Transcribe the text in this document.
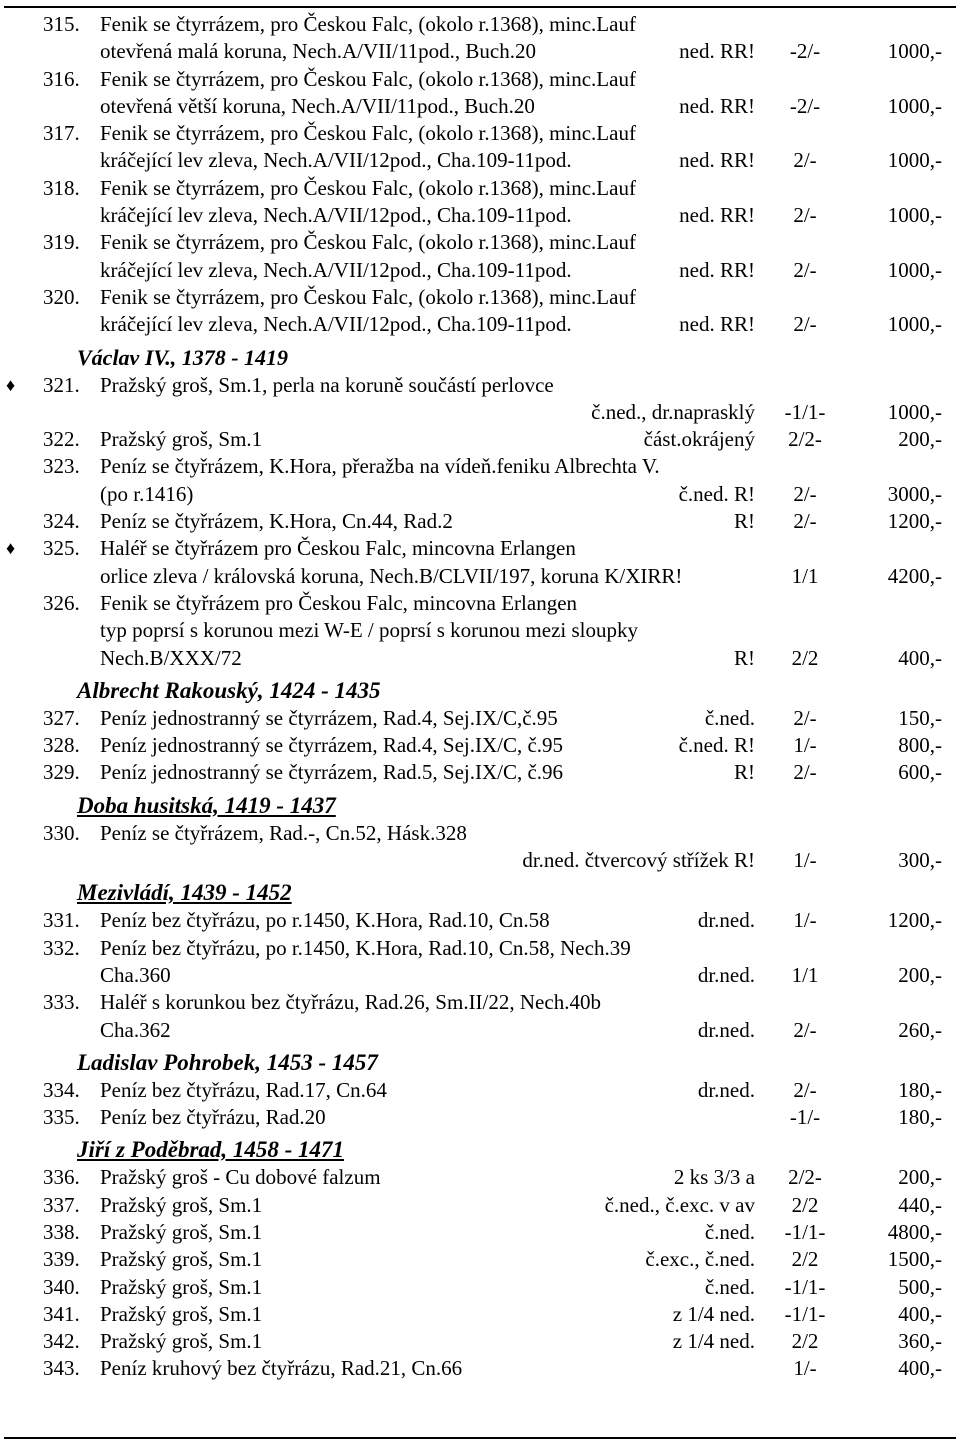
315. Fenik se čtyrrázem, pro Českou Falc, (okolo r.1368), minc.Lauf
otevřená malá koruna, Nech.A/VII/11pod., Buch.20	ned. RR!	-2/-	1000,-
316. Fenik se čtyrrázem, pro Českou Falc, (okolo r.1368), minc.Lauf
otevřená větší koruna, Nech.A/VII/11pod., Buch.20	ned. RR!	-2/-	1000,-
317. Fenik se čtyrrázem, pro Českou Falc, (okolo r.1368), minc.Lauf
kráčející lev zleva, Nech.A/VII/12pod., Cha.109-11pod.	ned. RR!	2/-	1000,-
318. Fenik se čtyrrázem, pro Českou Falc, (okolo r.1368), minc.Lauf
kráčející lev zleva, Nech.A/VII/12pod., Cha.109-11pod.	ned. RR!	2/-	1000,-
319. Fenik se čtyrrázem, pro Českou Falc, (okolo r.1368), minc.Lauf
kráčející lev zleva, Nech.A/VII/12pod., Cha.109-11pod.	ned. RR!	2/-	1000,-
320. Fenik se čtyrrázem, pro Českou Falc, (okolo r.1368), minc.Lauf
kráčející lev zleva, Nech.A/VII/12pod., Cha.109-11pod.	ned. RR!	2/-	1000,-
Václav IV., 1378 - 1419
♦ 321. Pražský groš, Sm.1, perla na koruně součástí perlovce
č.ned., dr.naprasklý	-1/1-	1000,-
322. Pražský groš, Sm.1	část.okrájený	2/2-	200,-
323. Peníz se čtyřrázem, K.Hora, přeražba na vídeň.feniku Albrechta V.
(po r.1416)	č.ned. R!	2/-	3000,-
324. Peníz se čtyřrázem, K.Hora, Cn.44, Rad.2	R!	2/-	1200,-
♦ 325. Haléř se čtyřrázem pro Českou Falc, mincovna Erlangen
orlice zleva / královská koruna, Nech.B/CLVII/197, koruna K/XIRR!	1/1	4200,-
326. Fenik se čtyřrázem pro Českou Falc, mincovna Erlangen
typ poprsí s korunou mezi W-E / poprsí s korunou mezi sloupky
Nech.B/XXX/72	R!	2/2	400,-
Albrecht Rakouský, 1424 - 1435
327. Peníz jednostranný se čtyrrázem, Rad.4, Sej.IX/C,č.95	č.ned.	2/-	150,-
328. Peníz jednostranný se čtyrrázem, Rad.4, Sej.IX/C, č.95	č.ned. R!	1/-	800,-
329. Peníz jednostranný se čtyrrázem, Rad.5, Sej.IX/C, č.96	R!	2/-	600,-
Doba husitská, 1419 - 1437
330. Peníz se čtyřrázem, Rad.-, Cn.52, Hásk.328
dr.ned. čtvercový střížek R!	1/-	300,-
Mezivládí, 1439 - 1452
331. Peníz bez čtyřrázu, po r.1450, K.Hora, Rad.10, Cn.58	dr.ned.	1/-	1200,-
332. Peníz bez čtyřrázu, po r.1450, K.Hora, Rad.10, Cn.58, Nech.39
Cha.360	dr.ned.	1/1	200,-
333. Haléř s korunkou bez čtyřrázu, Rad.26, Sm.II/22, Nech.40b
Cha.362	dr.ned.	2/-	260,-
Ladislav Pohrobek, 1453 - 1457
334. Peníz bez čtyřrázu, Rad.17, Cn.64	dr.ned.	2/-	180,-
335. Peníz bez čtyřrázu, Rad.20	-1/-	180,-
Jiří z Poděbrad, 1458 - 1471
336. Pražský groš - Cu dobové falzum	2 ks 3/3 a	2/2-	200,-
337. Pražský groš, Sm.1	č.ned., č.exc. v av	2/2	440,-
338. Pražský groš, Sm.1	č.ned.	-1/1-	4800,-
339. Pražský groš, Sm.1	č.exc., č.ned.	2/2	1500,-
340. Pražský groš, Sm.1	č.ned.	-1/1-	500,-
341. Pražský groš, Sm.1	z 1/4 ned.	-1/1-	400,-
342. Pražský groš, Sm.1	z 1/4 ned.	2/2	360,-
343. Peníz kruhový bez čtyřrázu, Rad.21, Cn.66	1/-	400,-
